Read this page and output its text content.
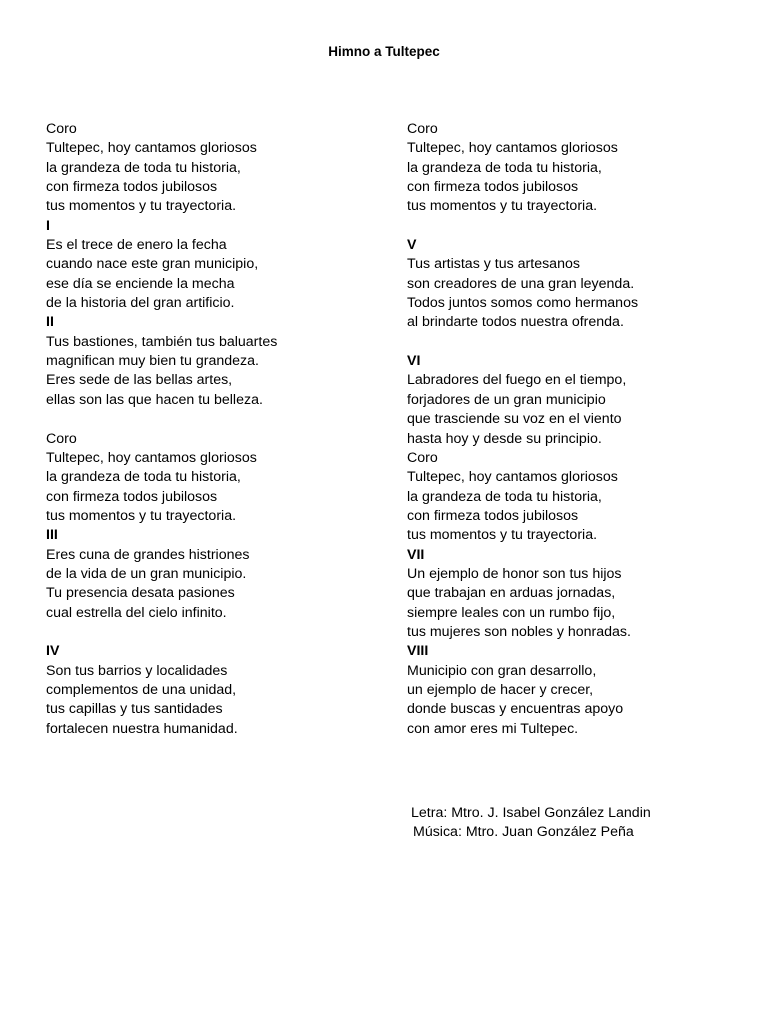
Himno a Tultepec
Coro
Tultepec, hoy cantamos gloriosos
la grandeza de toda tu historia,
con firmeza todos jubilosos
tus momentos y tu trayectoria.
I
Es el trece de enero la fecha
cuando nace este gran municipio,
ese día se enciende la mecha
de la historia del gran artificio.
II
Tus bastiones, también tus baluartes
magnifican muy bien tu grandeza.
Eres sede de las bellas artes,
ellas son las que hacen tu belleza.
Coro
Tultepec, hoy cantamos gloriosos
la grandeza de toda tu historia,
con firmeza todos jubilosos
tus momentos y tu trayectoria.
III
Eres cuna de grandes histriones
de la vida de un gran municipio.
Tu presencia desata pasiones
cual estrella del cielo infinito.
IV
Son tus barrios y localidades
complementos de una unidad,
tus capillas y tus santidades
fortalecen nuestra humanidad.
Coro
Tultepec, hoy cantamos gloriosos
la grandeza de toda tu historia,
con firmeza todos jubilosos
tus momentos y tu trayectoria.
V
Tus artistas y tus artesanos
son creadores de una gran leyenda.
Todos juntos somos como hermanos
al brindarte todos nuestra ofrenda.
VI
Labradores del fuego en el tiempo,
forjadores de un gran municipio
que trasciende su voz en el viento
hasta hoy y desde su principio.
Coro
Tultepec, hoy cantamos gloriosos
la grandeza de toda tu historia,
con firmeza todos jubilosos
tus momentos y tu trayectoria.
VII
Un ejemplo de honor son tus hijos
que trabajan en arduas jornadas,
siempre leales con un rumbo fijo,
tus mujeres son nobles y honradas.
VIII
Municipio con gran desarrollo,
un ejemplo de hacer y crecer,
donde buscas y encuentras apoyo
con amor eres mi Tultepec.
Letra: Mtro. J. Isabel González Landin
Música: Mtro. Juan González Peña
